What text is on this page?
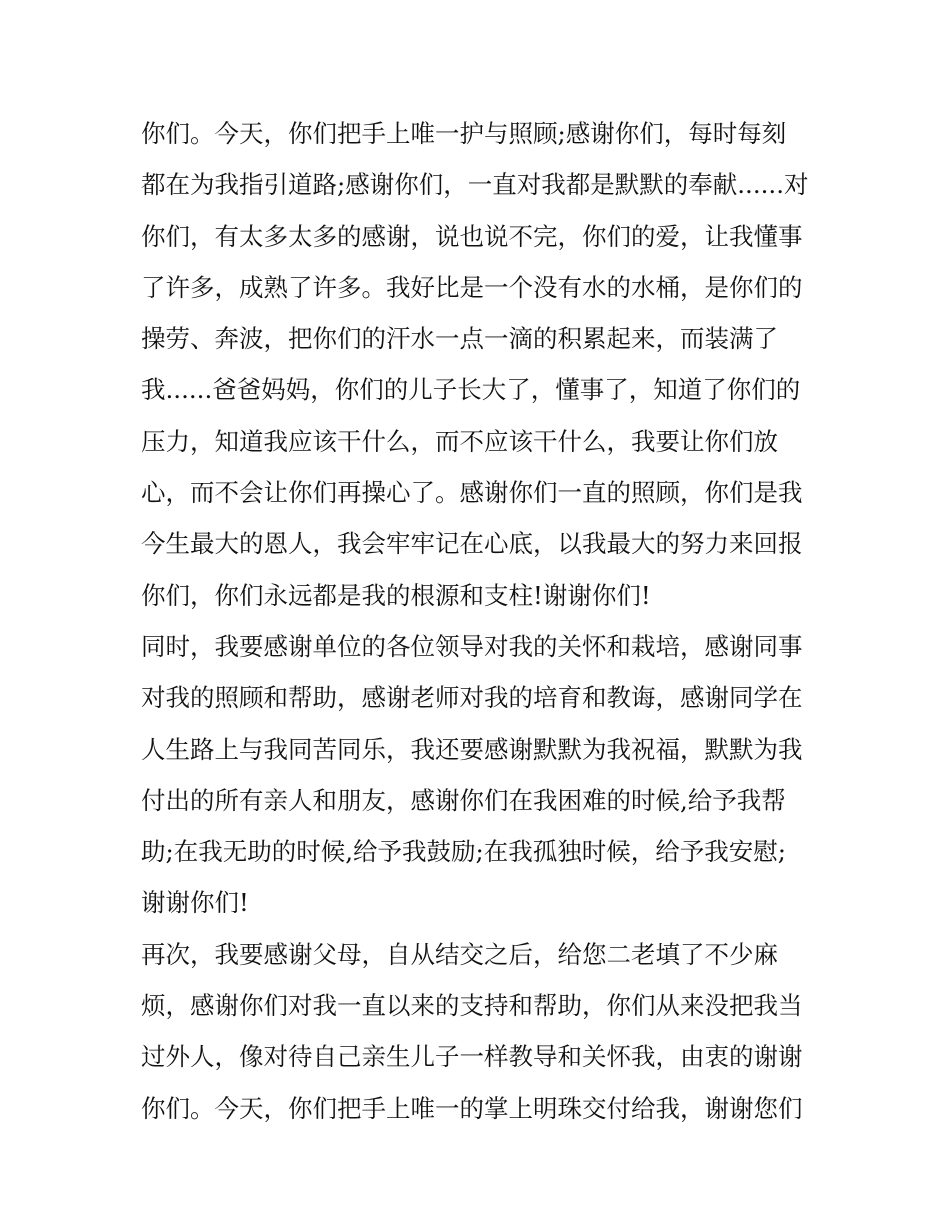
你们。今天，你们把手上唯一护与照顾;感谢你们，每时每刻
都在为我指引道路;感谢你们，一直对我都是默默的奉献......对
你们，有太多太多的感谢，说也说不完，你们的爱，让我懂事
了许多，成熟了许多。我好比是一个没有水的水桶，是你们的
操劳、奔波，把你们的汗水一点一滴的积累起来，而装满了
我......爸爸妈妈，你们的儿子长大了，懂事了，知道了你们的
压力，知道我应该干什么，而不应该干什么，我要让你们放
心，而不会让你们再操心了。感谢你们一直的照顾，你们是我
今生最大的恩人，我会牢牢记在心底，以我最大的努力来回报
你们，你们永远都是我的根源和支柱!谢谢你们!
同时，我要感谢单位的各位领导对我的关怀和栽培，感谢同事
对我的照顾和帮助，感谢老师对我的培育和教诲，感谢同学在
人生路上与我同苦同乐，我还要感谢默默为我祝福，默默为我
付出的所有亲人和朋友，感谢你们在我困难的时候,给予我帮
助;在我无助的时候,给予我鼓励;在我孤独时候，给予我安慰;
谢谢你们!
再次，我要感谢父母，自从结交之后，给您二老填了不少麻
烦，感谢你们对我一直以来的支持和帮助，你们从来没把我当
过外人，像对待自己亲生儿子一样教导和关怀我，由衷的谢谢
你们。今天，你们把手上唯一的掌上明珠交付给我，谢谢您们
